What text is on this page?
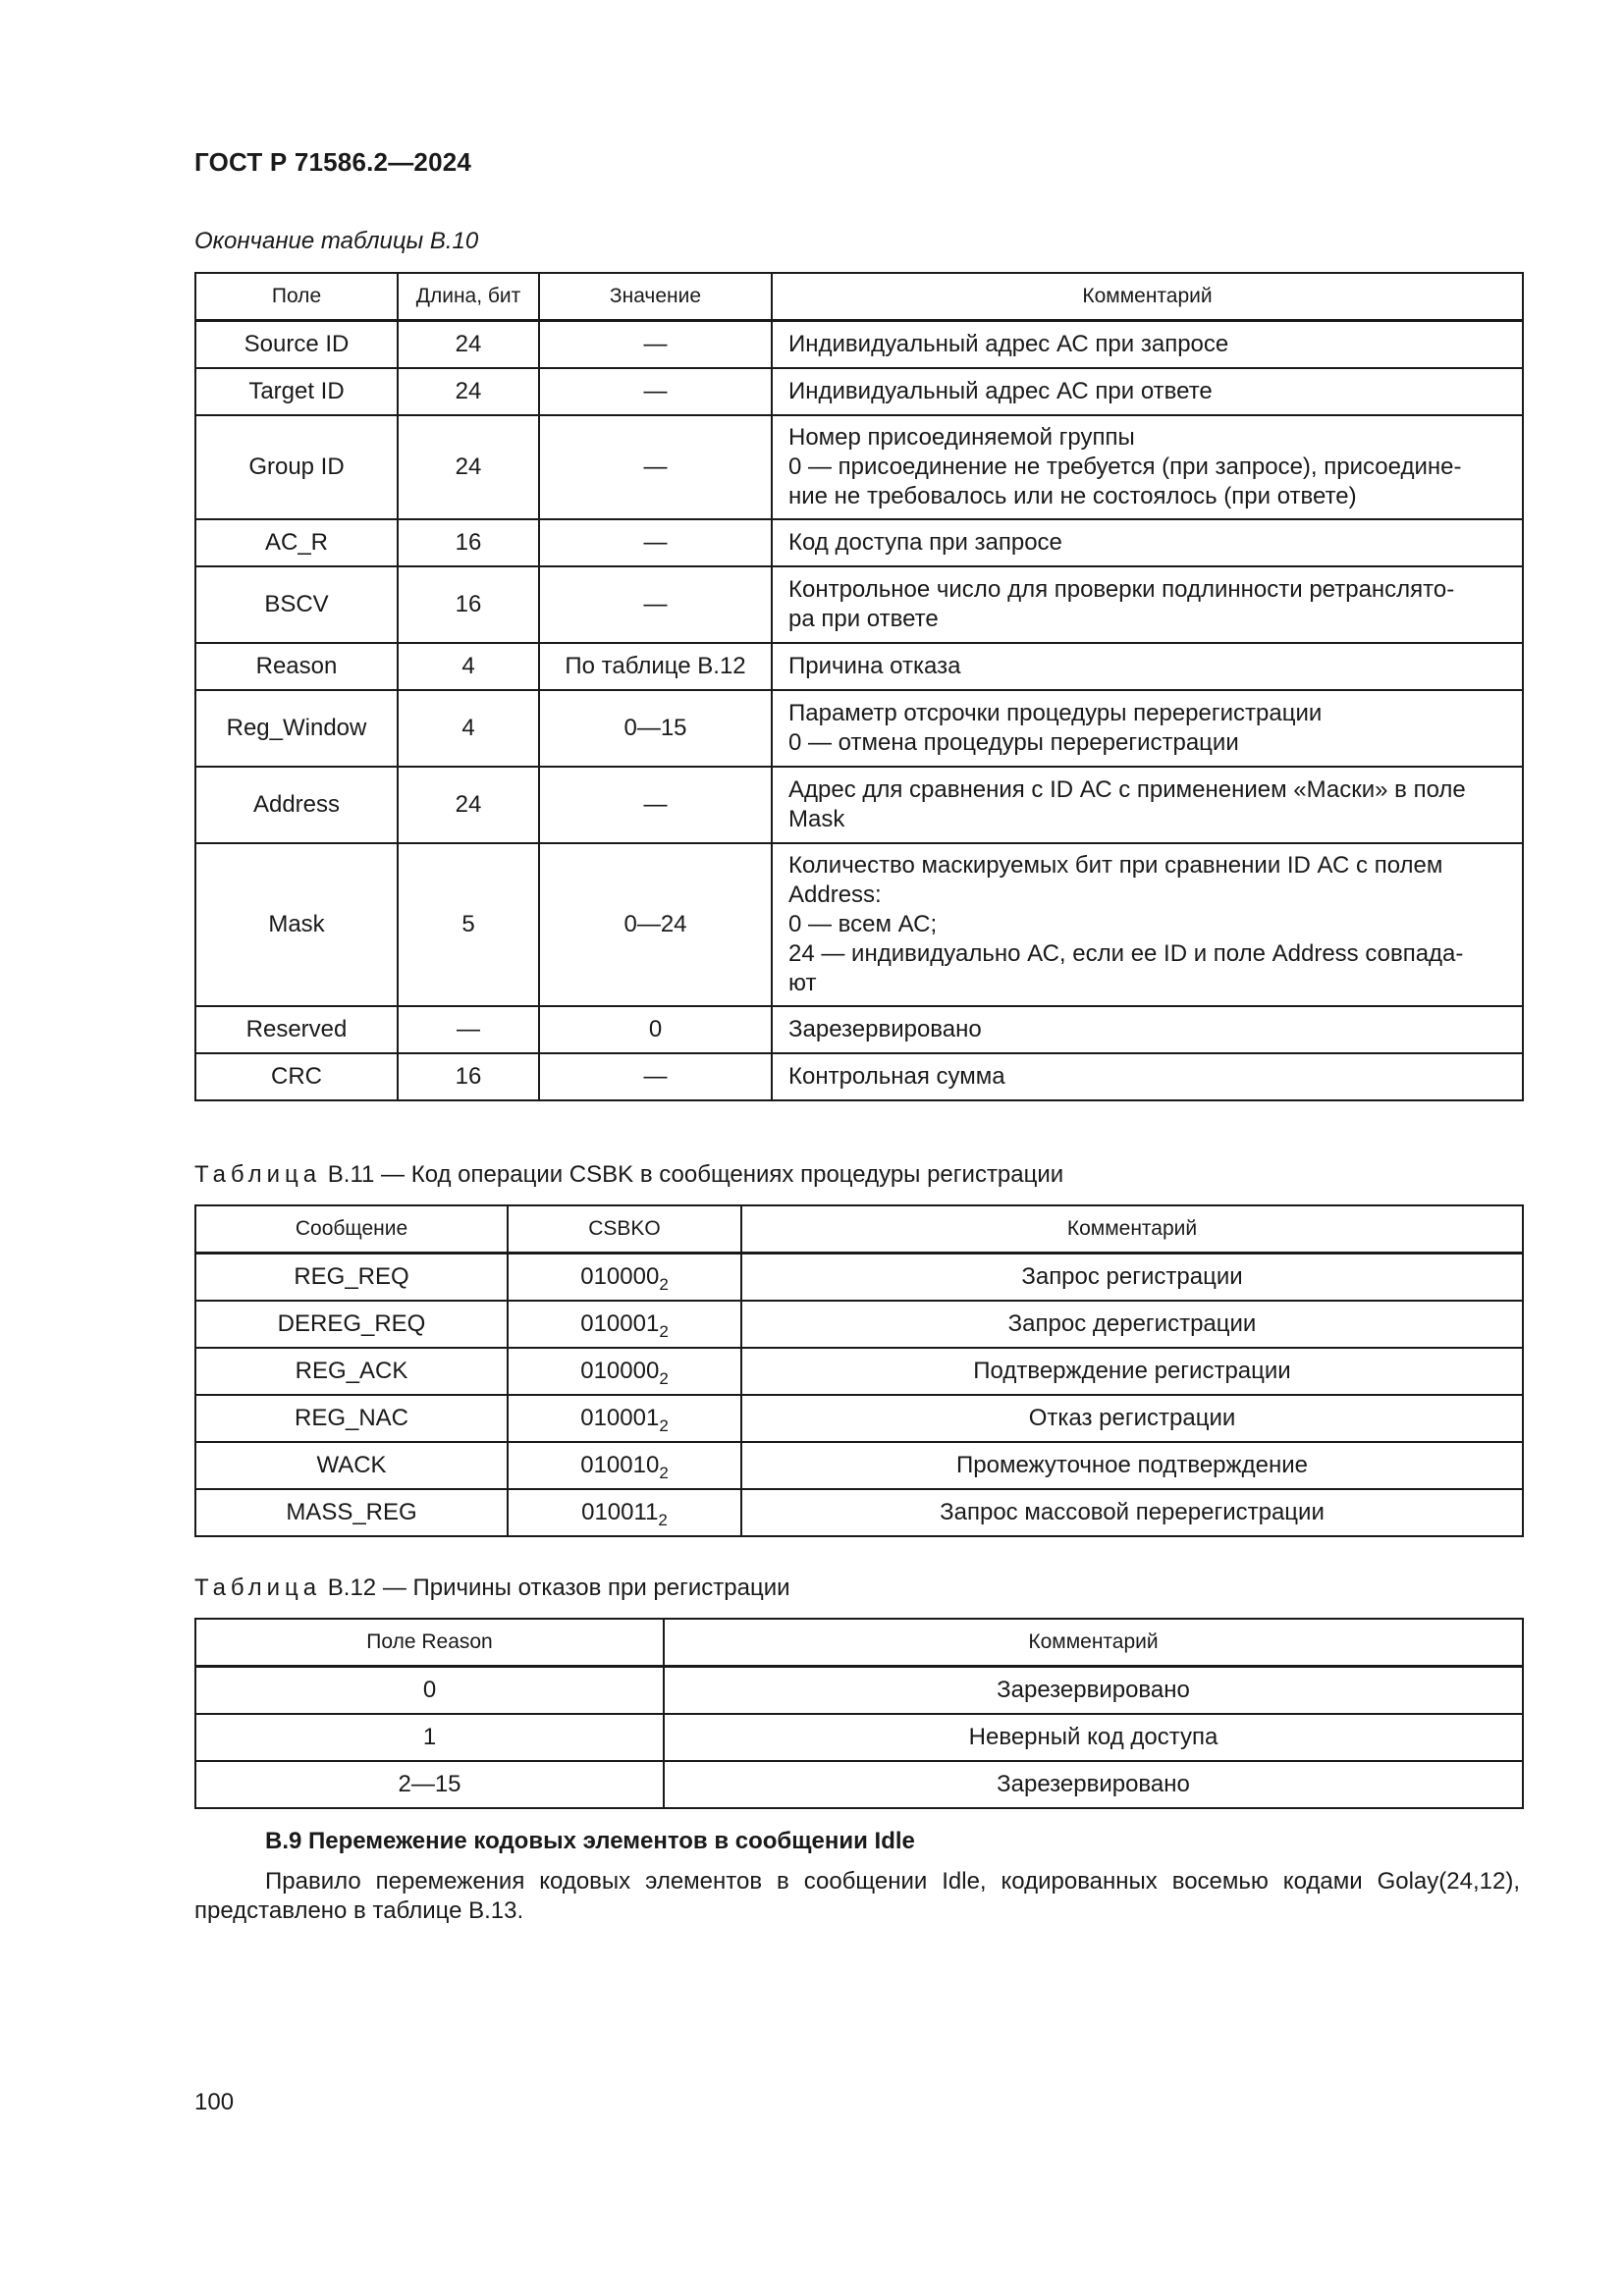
ГОСТ Р 71586.2—2024
Окончание таблицы В.10
Поле	Длина, бит	Значение	Комментарий
Source ID	24	—	Индивидуальный адрес АС при запросе

Target ID	24	—	Индивидуальный адрес АС при ответе

Group ID	24	—	Номер присоединяемой группы
0 — присоединение не требуется (при запросе), присоедине-
ние не требовалось или не состоялось (при ответе)

AC_R	16	—	Код доступа при запросе

BSCV	16	—	Контрольное число для проверки подлинности ретранслято-
ра при ответе

Reason	4	По таблице В.12	Причина отказа

Reg_Window	4	0—15	Параметр отсрочки процедуры перерегистрации
0 — отмена процедуры перерегистрации

Address	24	—	Адрес для сравнения с ID АС с применением «Маски» в поле
Mask

Mask	5	0—24	Количество маскируемых бит при сравнении ID АС с полем
Address:
0 — всем АС;
24 — индивидуально АС, если ее ID и поле Address совпада-
ют

Reserved	—	0	Зарезервировано

CRC	16	—	Контрольная сумма
Таблица В.11 — Код операции CSBK в сообщениях процедуры регистрации
Сообщение	CSBKO	Комментарий
REG_REQ	$010000_2$	Запрос регистрации
DEREG_REQ	$010001_2$	Запрос дерегистрации
REG_ACK	$010000_2$	Подтверждение регистрации
REG_NAC	$010001_2$	Отказ регистрации
WACK	$010010_2$	Промежуточное подтверждение
MASS_REG	$010011_2$	Запрос массовой перерегистрации
Таблица В.12 — Причины отказов при регистрации
Поле Reason	Комментарий
0	Зарезервировано
1	Неверный код доступа
2—15	Зарезервировано
В.9 Перемежение кодовых элементов в сообщении Idle
Правило перемежения кодовых элементов в сообщении Idle, кодированных восемью кодами Golay(24,12), представлено в таблице В.13.
100
